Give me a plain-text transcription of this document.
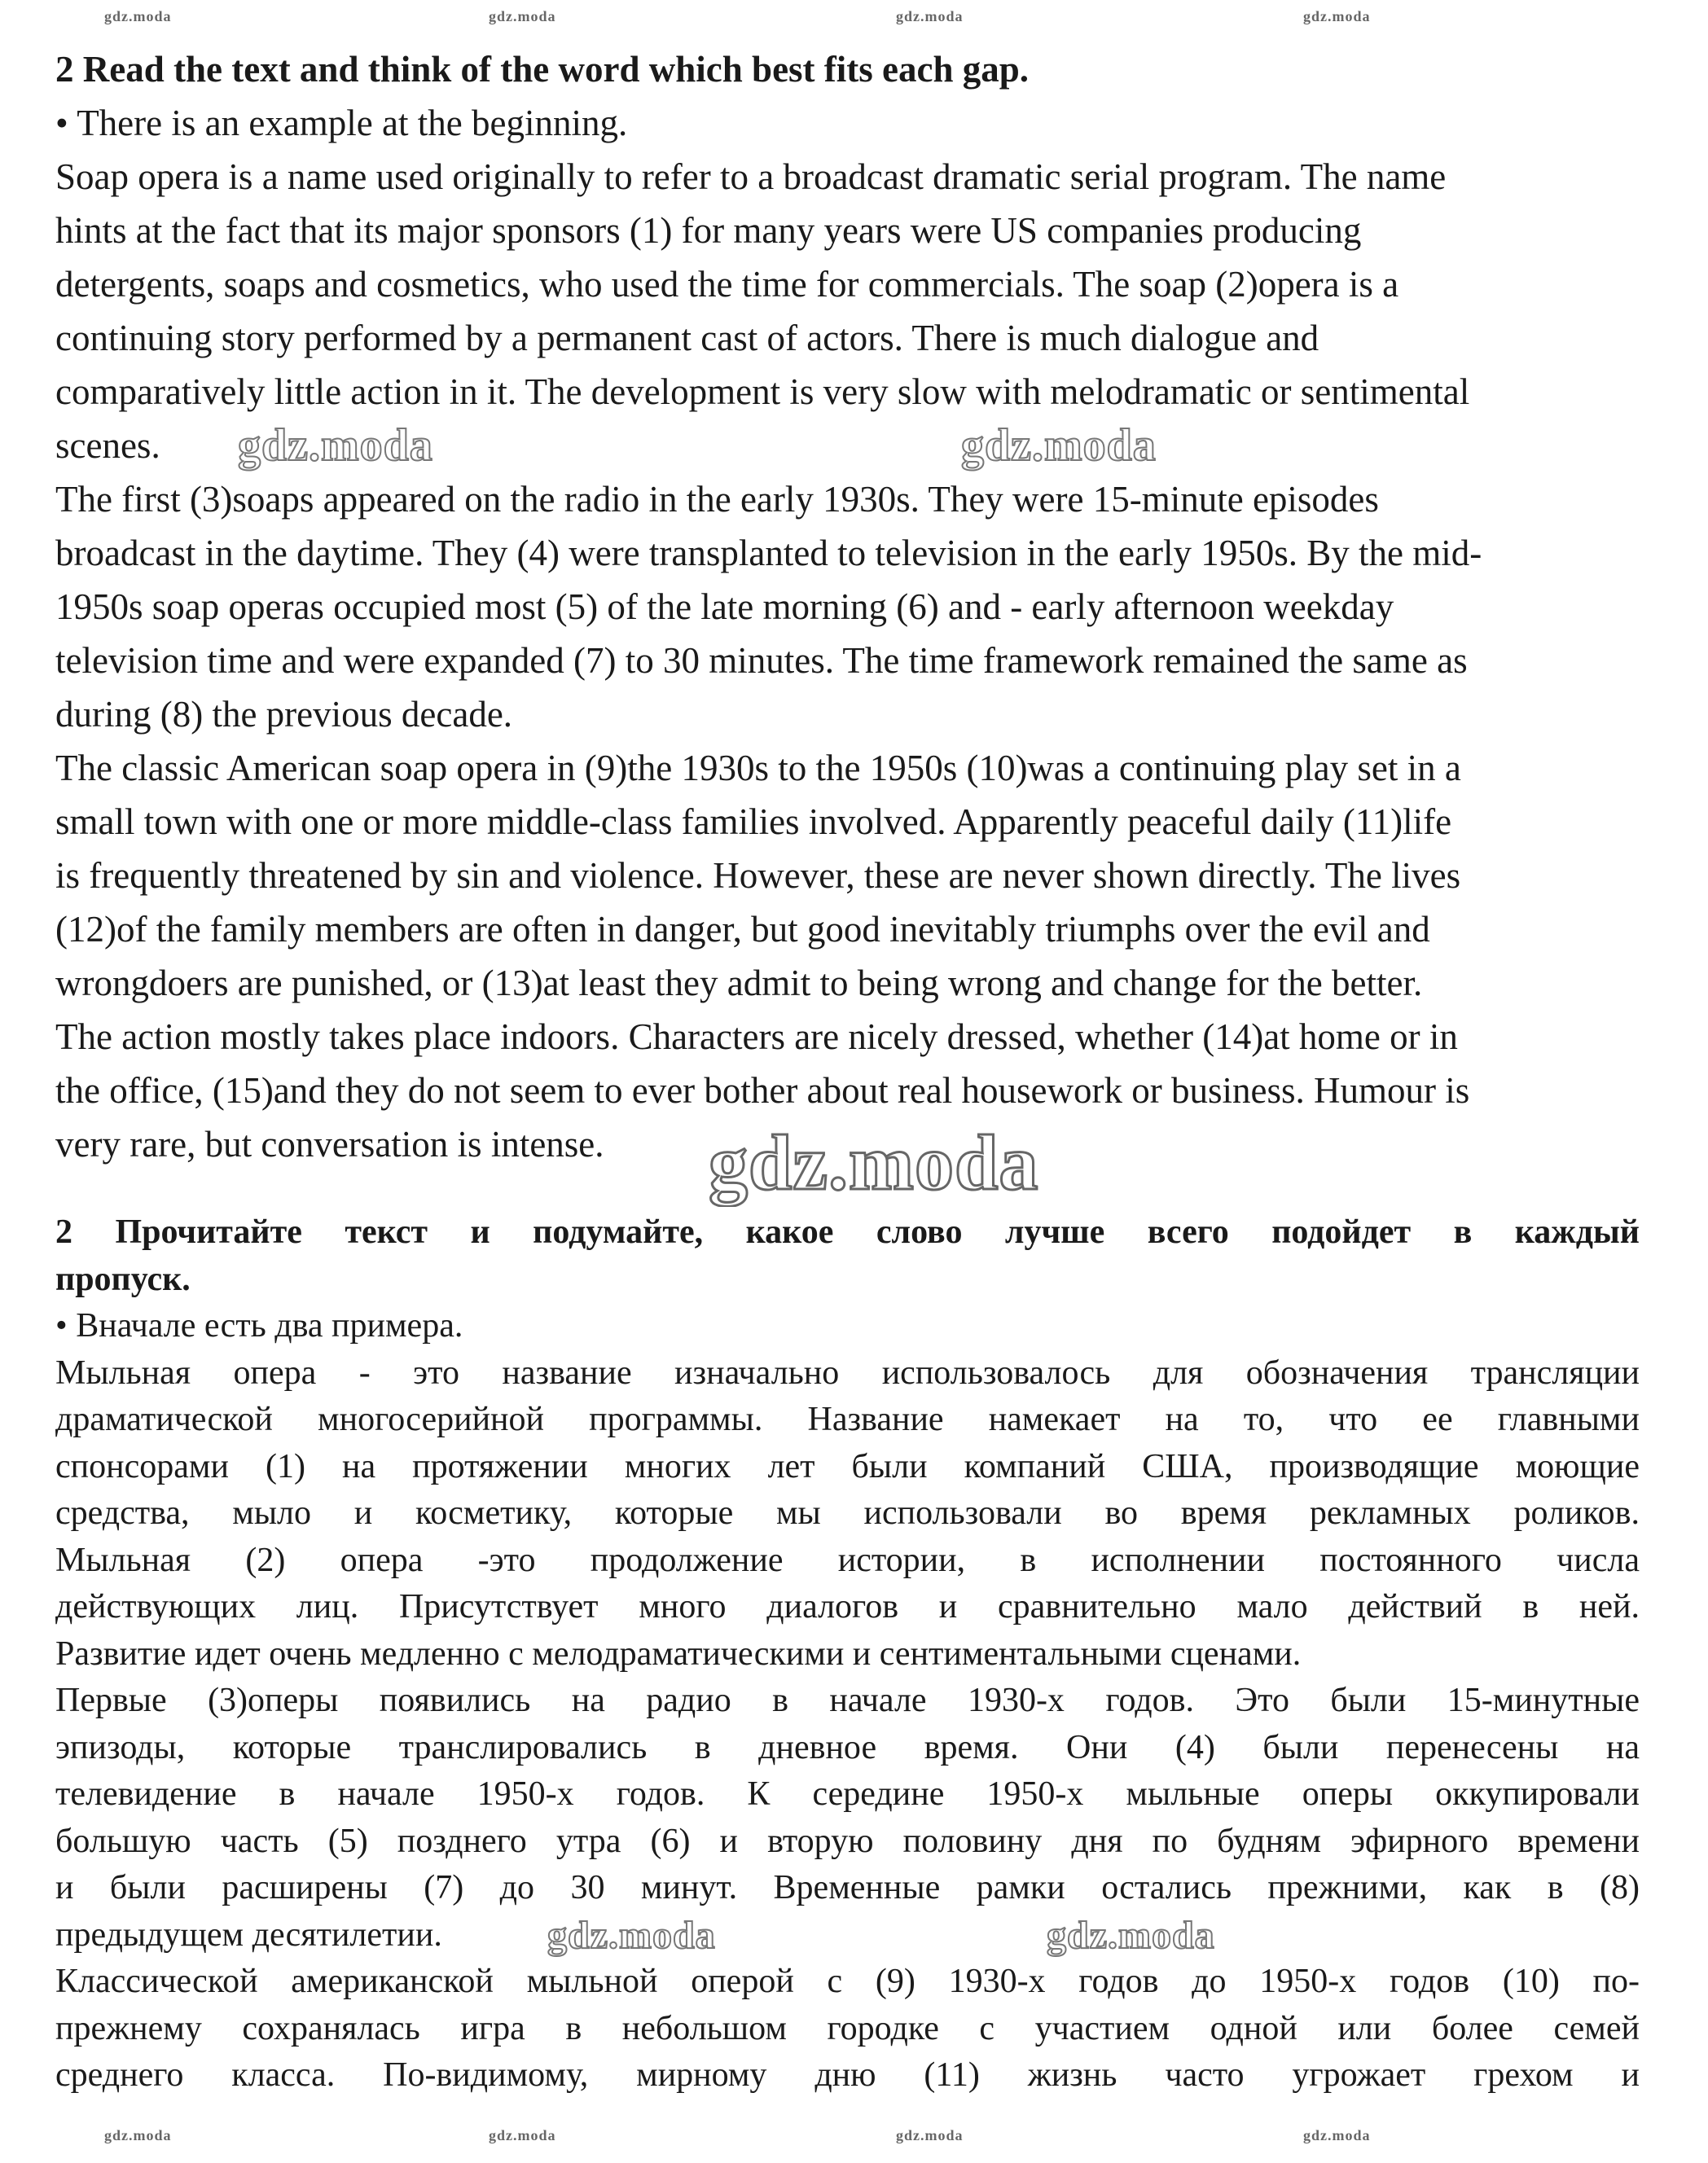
2 Read the text and think of the word which best fits each gap.
• There is an example at the beginning.
Soap opera is a name used originally to refer to a broadcast dramatic serial program. The name
hints at the fact that its major sponsors (1) for many years were US companies producing
detergents, soaps and cosmetics, who used the time for commercials. The soap (2)opera is a
continuing story performed by a permanent cast of actors. There is much dialogue and
comparatively little action in it. The development is very slow with melodramatic or sentimental
scenes.
The first (3)soaps appeared on the radio in the early 1930s. They were 15-minute episodes
broadcast in the daytime. They (4) were transplanted to television in the early 1950s. By the mid-
1950s soap operas occupied most (5) of the late morning (6) and - early afternoon weekday
television time and were expanded (7) to 30 minutes. The time framework remained the same as
during (8) the previous decade.
The classic American soap opera in (9)the 1930s to the 1950s (10)was a continuing play set in a
small town with one or more middle-class families involved. Apparently peaceful daily (11)life
is frequently threatened by sin and violence. However, these are never shown directly. The lives
(12)of the family members are often in danger, but good inevitably triumphs over the evil and
wrongdoers are punished, or (13)at least they admit to being wrong and change for the better.
The action mostly takes place indoors. Characters are nicely dressed, whether (14)at home or in
the office, (15)and they do not seem to ever bother about real housework or business. Humour is
very rare, but conversation is intense.
2 Прочитайте текст и подумайте, какое слово лучше всего подойдет в каждый
пропуск.
• Вначале есть два примера.
Мыльная опера - это название изначально использовалось для обозначения трансляции
драматической многосерийной программы. Название намекает на то, что ее главными
спонсорами (1) на протяжении многих лет были компаний США, производящие моющие
средства, мыло и косметику, которые мы использовали во время рекламных роликов.
Мыльная (2) опера -это продолжение истории, в исполнении постоянного числа
действующих лиц. Присутствует много диалогов и сравнительно мало действий в ней.
Развитие идет очень медленно с мелодраматическими и сентиментальными сценами.
Первые (3)оперы появились на радио в начале 1930-х годов. Это были 15-минутные
эпизоды, которые транслировались в дневное время. Они (4) были перенесены на
телевидение в начале 1950-х годов. К середине 1950-х мыльные оперы оккупировали
большую часть (5) позднего утра (6) и вторую половину дня по будням эфирного времени
и были расширены (7) до 30 минут. Временные рамки остались прежними, как в (8)
предыдущем десятилетии.
Классической американской мыльной оперой с (9) 1930-х годов до 1950-х годов (10) по-
прежнему сохранялась игра в небольшом городке с участием одной или более семей
среднего класса. По-видимому, мирному дню (11) жизнь часто угрожает грехом и
gdz.moda	gdz.moda
gdz.moda
gdz.moda	gdz.moda
gdz.moda	gdz.moda	gdz.moda	gdz.moda
gdz.moda	gdz.moda	gdz.moda	gdz.moda
